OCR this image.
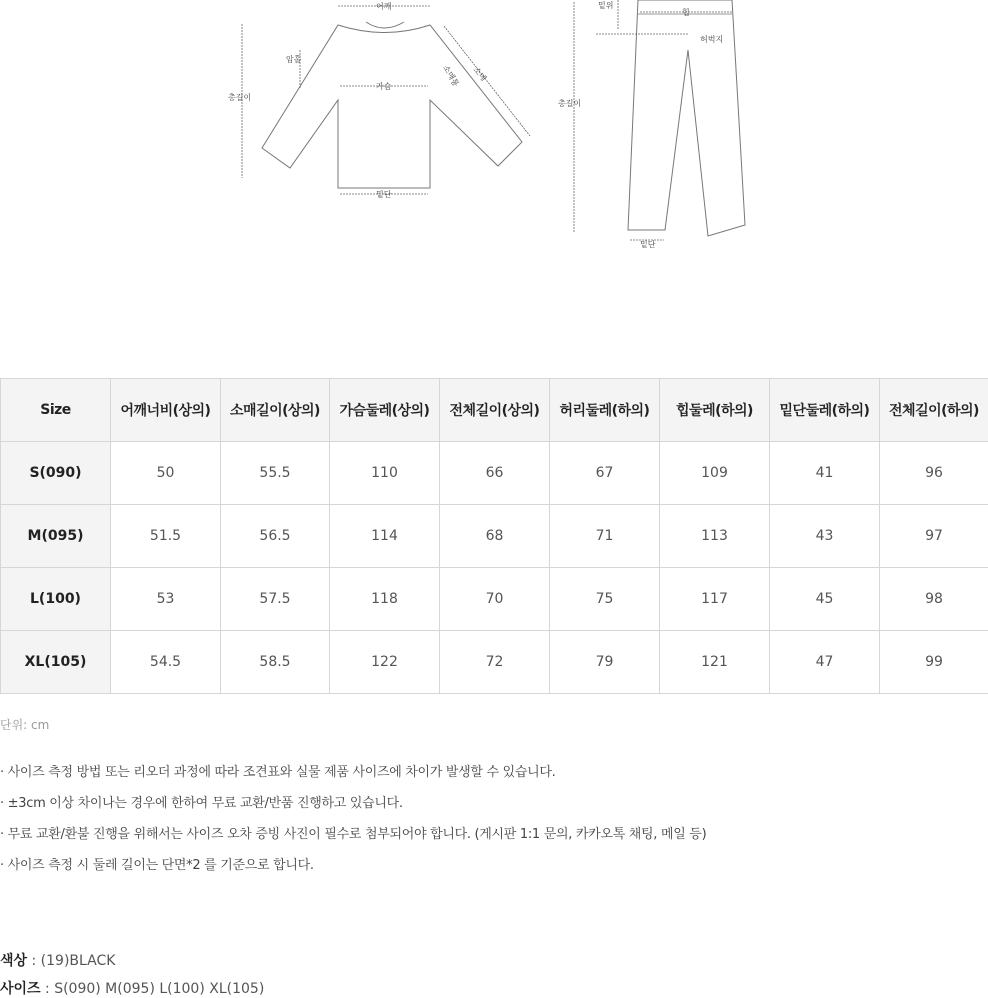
어깨
암홀
총길이
가슴	소매통 소매
밑단
밑위
힙
허벅지
총길이
밑단
Size	어깨너비(상의)	소매길이(상의)	가슴둘레(상의)	전체길이(상의)	허리둘레(하의)	힙둘레(하의)	밑단둘레(하의)	전체길이(하의)
S(090)	50	55.5	110	66	67	109	41	96
M(095)	51.5	56.5	114	68	71	113	43	97
L(100)	53	57.5	118	70	75	117	45	98
XL(105)	54.5	58.5	122	72	79	121	47	99
단위: cm
· 사이즈 측정 방법 또는 리오더 과정에 따라 조견표와 실물 제품 사이즈에 차이가 발생할 수 있습니다.
· ±3cm 이상 차이나는 경우에 한하여 무료 교환/반품 진행하고 있습니다.
· 무료 교환/환불 진행을 위해서는 사이즈 오차 증빙 사진이 필수로 첨부되어야 합니다. (게시판 1:1 문의, 카카오톡 채팅, 메일 등)
· 사이즈 측정 시 둘레 길이는 단면*2 를 기준으로 합니다.
색상 : (19)BLACK
사이즈 : S(090) M(095) L(100) XL(105)
